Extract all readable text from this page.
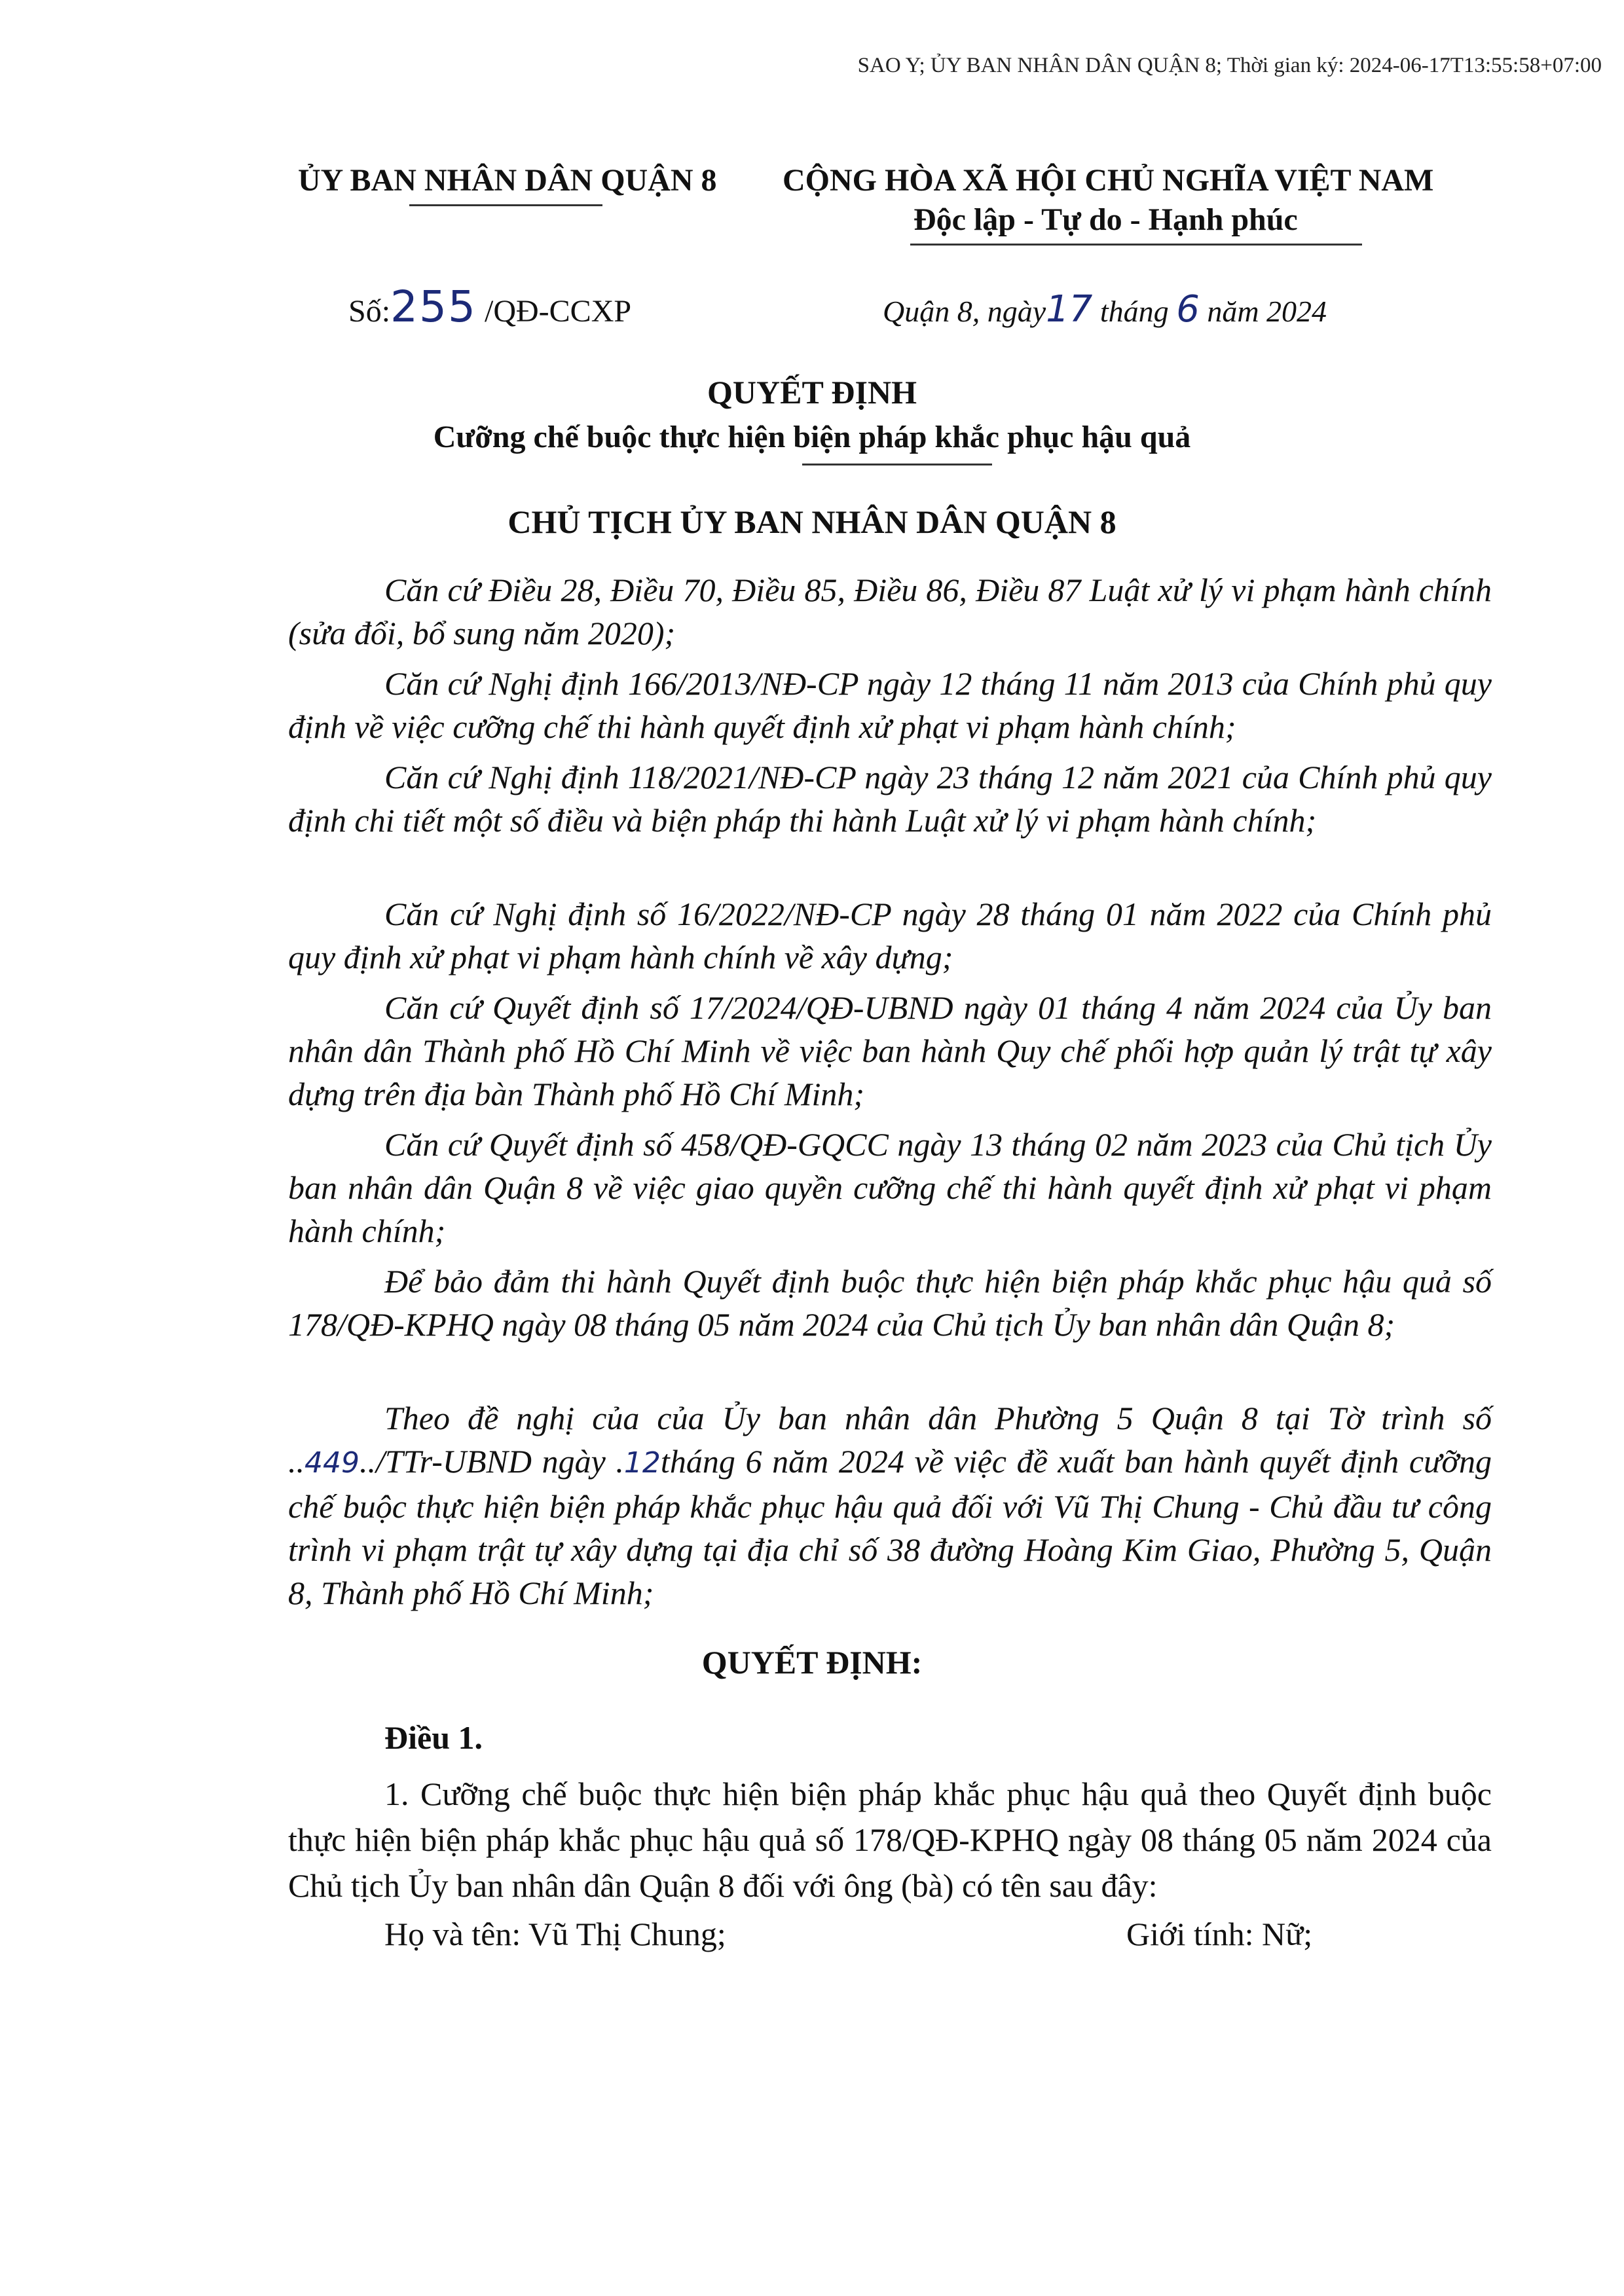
SAO Y; ỦY BAN NHÂN DÂN QUẬN 8; Thời gian ký: 2024-06-17T13:55:58+07:00
ỦY BAN NHÂN DÂN QUẬN 8 CỘNG HÒA XÃ HỘI CHỦ NGHĨA VIỆT NAM
Độc lập - Tự do - Hạnh phúc
Số:255 /QĐ-CCXP	Quận 8, ngày17 tháng 6 năm 2024
QUYẾT ĐỊNH
Cưỡng chế buộc thực hiện biện pháp khắc phục hậu quả
CHỦ TỊCH ỦY BAN NHÂN DÂN QUẬN 8

Căn cứ Điều 28, Điều 70, Điều 85, Điều 86, Điều 87 Luật xử lý vi phạm hành chính (sửa đổi, bổ sung năm 2020);

Căn cứ Nghị định 166/2013/NĐ-CP ngày 12 tháng 11 năm 2013 của Chính phủ quy định về việc cưỡng chế thi hành quyết định xử phạt vi phạm hành chính;

Căn cứ Nghị định 118/2021/NĐ-CP ngày 23 tháng 12 năm 2021 của Chính phủ quy định chi tiết một số điều và biện pháp thi hành Luật xử lý vi phạm hành chính;

Căn cứ Nghị định số 16/2022/NĐ-CP ngày 28 tháng 01 năm 2022 của Chính phủ quy định xử phạt vi phạm hành chính về xây dựng;

Căn cứ Quyết định số 17/2024/QĐ-UBND ngày 01 tháng 4 năm 2024 của Ủy ban nhân dân Thành phố Hồ Chí Minh về việc ban hành Quy chế phối hợp quản lý trật tự xây dựng trên địa bàn Thành phố Hồ Chí Minh;

Căn cứ Quyết định số 458/QĐ-GQCC ngày 13 tháng 02 năm 2023 của Chủ tịch Ủy ban nhân dân Quận 8 về việc giao quyền cưỡng chế thi hành quyết định xử phạt vi phạm hành chính;

Để bảo đảm thi hành Quyết định buộc thực hiện biện pháp khắc phục hậu quả số 178/QĐ-KPHQ ngày 08 tháng 05 năm 2024 của Chủ tịch Ủy ban nhân dân Quận 8;

Theo đề nghị của của Ủy ban nhân dân Phường 5 Quận 8 tại Tờ trình số ..449../TTr-UBND ngày .12tháng 6 năm 2024 về việc đề xuất ban hành quyết định cưỡng chế buộc thực hiện biện pháp khắc phục hậu quả đối với Vũ Thị Chung - Chủ đầu tư công trình vi phạm trật tự xây dựng tại địa chỉ số 38 đường Hoàng Kim Giao, Phường 5, Quận 8, Thành phố Hồ Chí Minh;

QUYẾT ĐỊNH:
Điều 1.

1. Cưỡng chế buộc thực hiện biện pháp khắc phục hậu quả theo Quyết định buộc thực hiện biện pháp khắc phục hậu quả số 178/QĐ-KPHQ ngày 08 tháng 05 năm 2024 của Chủ tịch Ủy ban nhân dân Quận 8 đối với ông (bà) có tên sau đây:

Họ và tên: Vũ Thị Chung;	Giới tính: Nữ;
